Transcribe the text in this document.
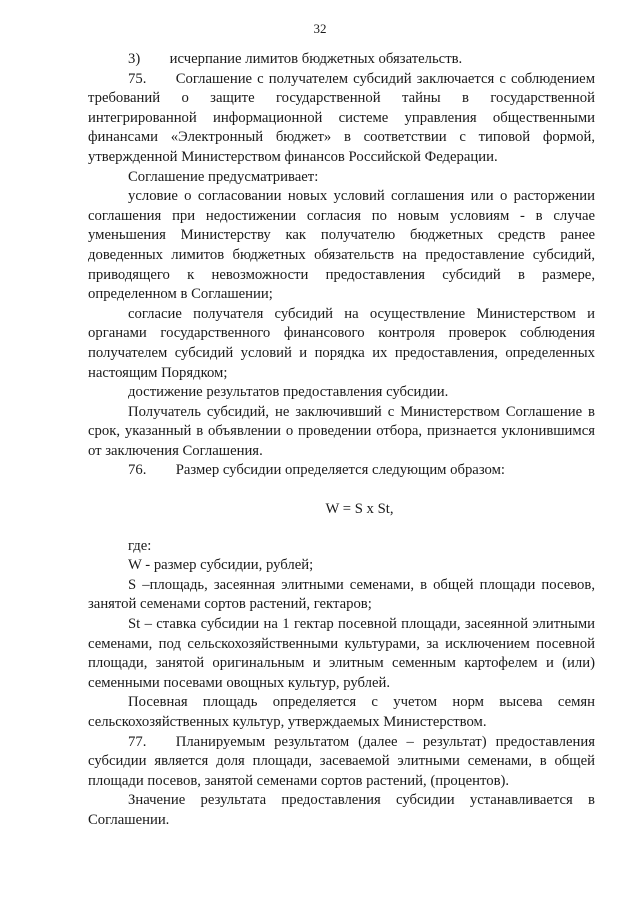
32

3)  исчерпание лимитов бюджетных обязательств.

75.  Соглашение с получателем субсидий заключается с соблюдением требований о защите государственной тайны в государственной интегрированной информационной системе управления общественными финансами «Электронный бюджет» в соответствии с типовой формой, утвержденной Министерством финансов Российской Федерации.

Соглашение предусматривает:

условие о согласовании новых условий соглашения или о расторжении соглашения при недостижении согласия по новым условиям - в случае уменьшения Министерству как получателю бюджетных средств ранее доведенных лимитов бюджетных обязательств на предоставление субсидий, приводящего к невозможности предоставления субсидий в размере, определенном в Соглашении;

согласие получателя субсидий на осуществление Министерством и органами государственного финансового контроля проверок соблюдения получателем субсидий условий и порядка их предоставления, определенных настоящим Порядком;

достижение результатов предоставления субсидии.

Получатель субсидий, не заключивший с Министерством Соглашение в срок, указанный в объявлении о проведении отбора, признается уклонившимся от заключения Соглашения.

76.  Размер субсидии определяется следующим образом:

W = S x St,

где:

W - размер субсидии, рублей;

S –площадь, засеянная элитными семенами, в общей площади посевов, занятой семенами сортов растений, гектаров;

St – ставка субсидии на 1 гектар посевной площади, засеянной элитными семенами, под сельскохозяйственными культурами, за исключением посевной площади, занятой оригинальным и элитным семенным картофелем и (или) семенными посевами овощных культур, рублей.

Посевная площадь определяется с учетом норм высева семян сельскохозяйственных культур, утверждаемых Министерством.

77.  Планируемым результатом (далее – результат) предоставления субсидии является доля площади, засеваемой элитными семенами, в общей площади посевов, занятой семенами сортов растений, (процентов).

Значение результата предоставления субсидии устанавливается в Соглашении.
